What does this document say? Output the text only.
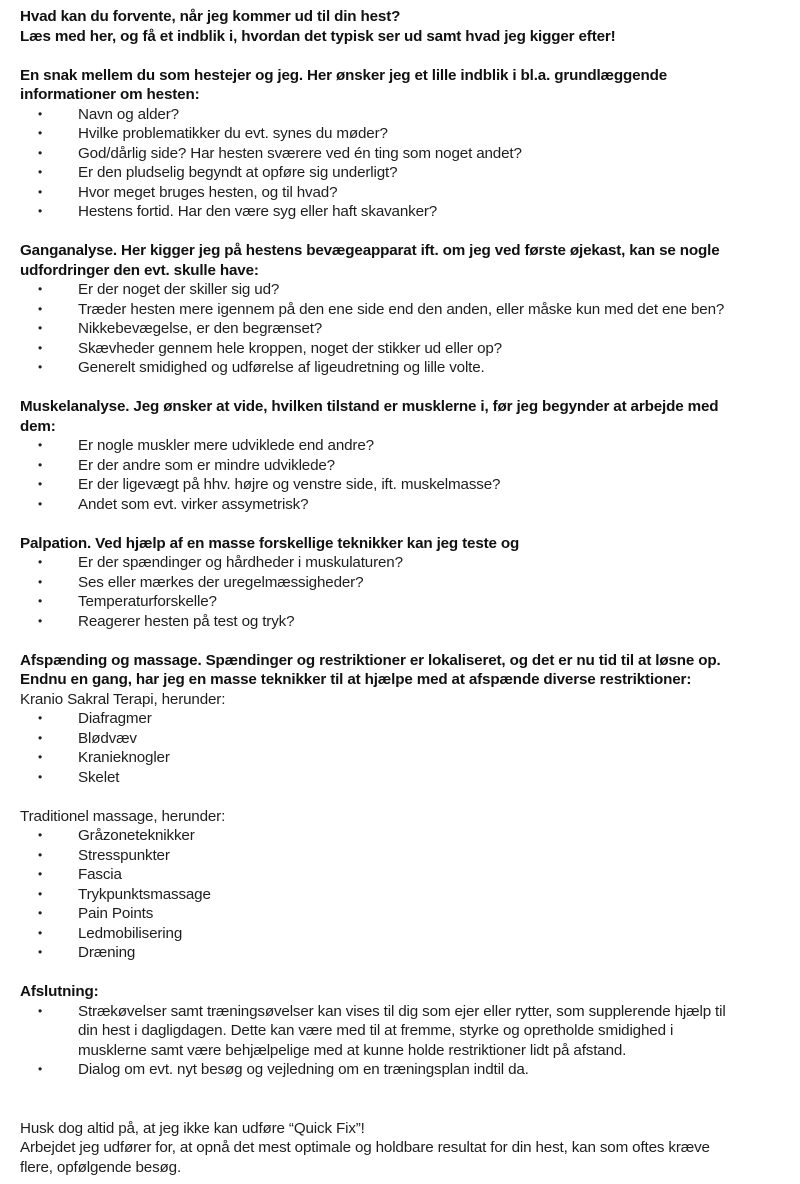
Hvad kan du forvente, når jeg kommer ud til din hest?
Læs med her, og få et indblik i, hvordan det typisk ser ud samt hvad jeg kigger efter!
En snak mellem du som hestejer og jeg. Her ønsker jeg et lille indblik i bl.a. grundlæggende
informationer om hesten:
• Navn og alder?
• Hvilke problematikker du evt. synes du møder?
• God/dårlig side? Har hesten sværere ved én ting som noget andet?
• Er den pludselig begyndt at opføre sig underligt?
• Hvor meget bruges hesten, og til hvad?
• Hestens fortid. Har den være syg eller haft skavanker?
Ganganalyse. Her kigger jeg på hestens bevægeapparat ift. om jeg ved første øjekast, kan se nogle
udfordringer den evt. skulle have:
• Er der noget der skiller sig ud?
• Træder hesten mere igennem på den ene side end den anden, eller måske kun med det ene ben?
• Nikkebevægelse, er den begrænset?
• Skævheder gennem hele kroppen, noget der stikker ud eller op?
• Generelt smidighed og udførelse af ligeudretning og lille volte.
Muskelanalyse. Jeg ønsker at vide, hvilken tilstand er musklerne i, før jeg begynder at arbejde med
dem:
• Er nogle muskler mere udviklede end andre?
• Er der andre som er mindre udviklede?
• Er der ligevægt på hhv. højre og venstre side, ift. muskelmasse?
• Andet som evt. virker assymetrisk?
Palpation. Ved hjælp af en masse forskellige teknikker kan jeg teste og
• Er der spændinger og hårdheder i muskulaturen?
• Ses eller mærkes der uregelmæssigheder?
• Temperaturforskelle?
• Reagerer hesten på test og tryk?
Afspænding og massage. Spændinger og restriktioner er lokaliseret, og det er nu tid til at løsne op.
Endnu en gang, har jeg en masse teknikker til at hjælpe med at afspænde diverse restriktioner:
Kranio Sakral Terapi, herunder:
• Diafragmer
• Blødvæv
• Kranieknogler
• Skelet
Traditionel massage, herunder:
• Gråzoneteknikker
• Stresspunkter
• Fascia
• Trykpunktsmassage
• Pain Points
• Ledmobilisering
• Dræning
Afslutning:
• Strækøvelser samt træningsøvelser kan vises til dig som ejer eller rytter, som supplerende hjælp til
din hest i dagligdagen. Dette kan være med til at fremme, styrke og opretholde smidighed i
musklerne samt være behjælpelige med at kunne holde restriktioner lidt på afstand.
• Dialog om evt. nyt besøg og vejledning om en træningsplan indtil da.
Husk dog altid på, at jeg ikke kan udføre “Quick Fix”!
Arbejdet jeg udfører for, at opnå det mest optimale og holdbare resultat for din hest, kan som oftes kræve
flere, opfølgende besøg.
